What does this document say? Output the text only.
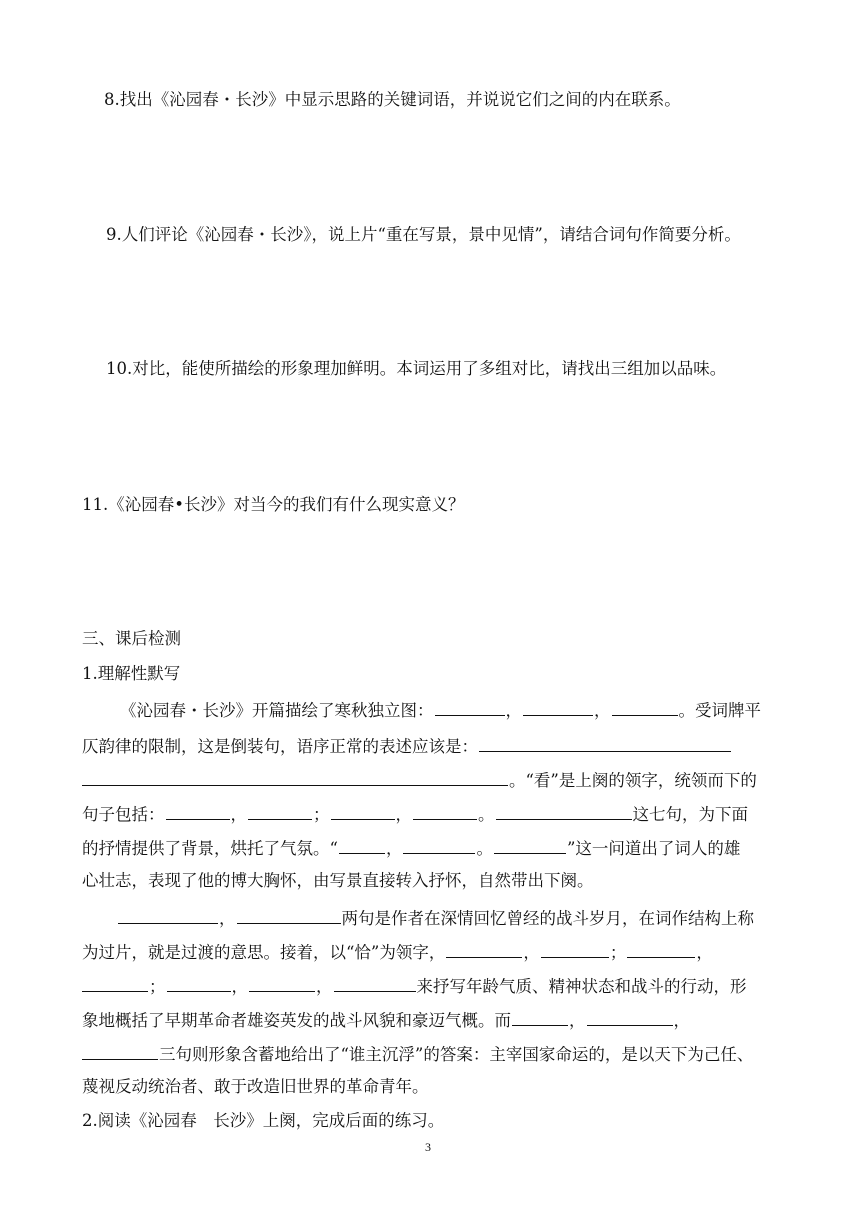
8.找出《沁园春・长沙》中显示思路的关键词语，并说说它们之间的内在联系。
9.人们评论《沁园春・长沙》，说上片“重在写景，景中见情”，请结合词句作简要分析。
10.对比，能使所描绘的形象理加鲜明。本词运用了多组对比，请找出三组加以品味。
11.《沁园春•长沙》对当今的我们有什么现实意义？
三、课后检测
1.理解性默写
《沁园春・长沙》开篇描绘了寒秋独立图：	，	，	。受词牌平
仄韵律的限制，这是倒装句，语序正常的表述应该是：
。“看”是上阕的领字，统领而下的
句子包括：	，	；	，	。	这七句，为下面
的抒情提供了背景，烘托了气氛。“	，	。	”这一问道出了词人的雄
心壮志，表现了他的博大胸怀，由写景直接转入抒怀，自然带出下阕。
，	两句是作者在深情回忆曾经的战斗岁月，在词作结构上称
为过片，就是过渡的意思。接着，以“恰”为领字，	，	；	，
；	，	，	来抒写年龄气质、精神状态和战斗的行动，形
象地概括了早期革命者雄姿英发的战斗风貌和豪迈气概。而	，	，
三句则形象含蓄地给出了“谁主沉浮”的答案：主宰国家命运的，是以天下为己任、
蔑视反动统治者、敢于改造旧世界的革命青年。
2.阅读《沁园春　长沙》上阕，完成后面的练习。
3
